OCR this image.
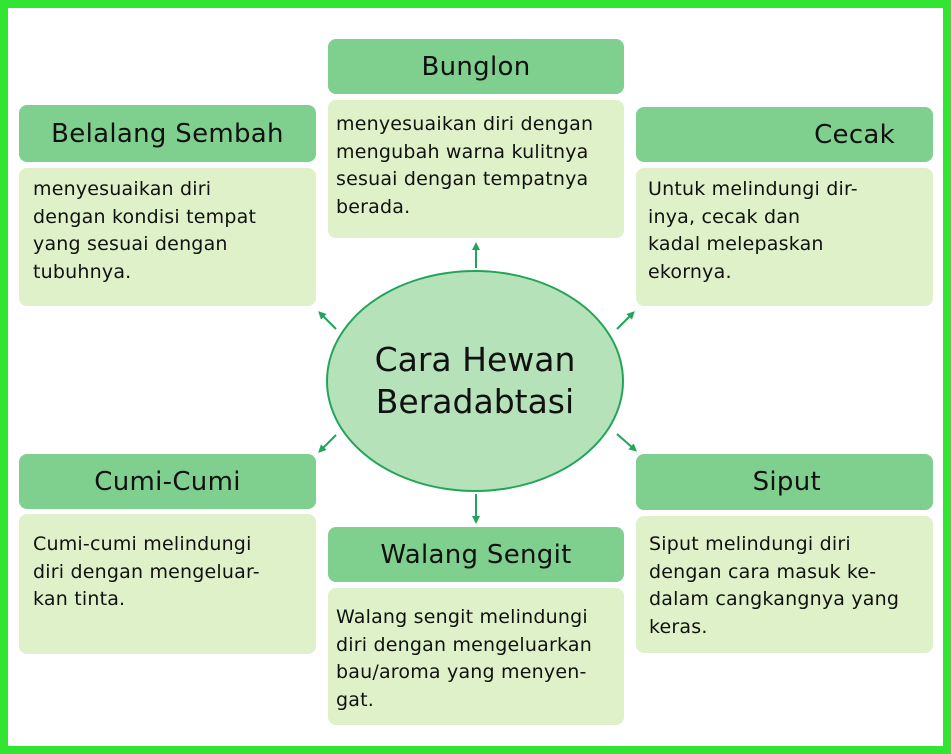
Bunglon
menyesuaikan diri dengan
mengubah warna kulitnya
sesuai dengan tempatnya
berada.
Belalang Sembah
menyesuaikan diri
dengan kondisi tempat
yang sesuai dengan
tubuhnya.
Cecak
Untuk melindungi dir-
inya, cecak dan
kadal melepaskan
ekornya.
Cumi-Cumi
Cumi-cumi melindungi
diri dengan mengeluar-
kan tinta.
Walang Sengit
Walang sengit melindungi
diri dengan mengeluarkan
bau/aroma yang menyen-
gat.
Siput
Siput melindungi diri
dengan cara masuk ke-
dalam cangkangnya yang
keras.
Cara Hewan
Beradabtasi
